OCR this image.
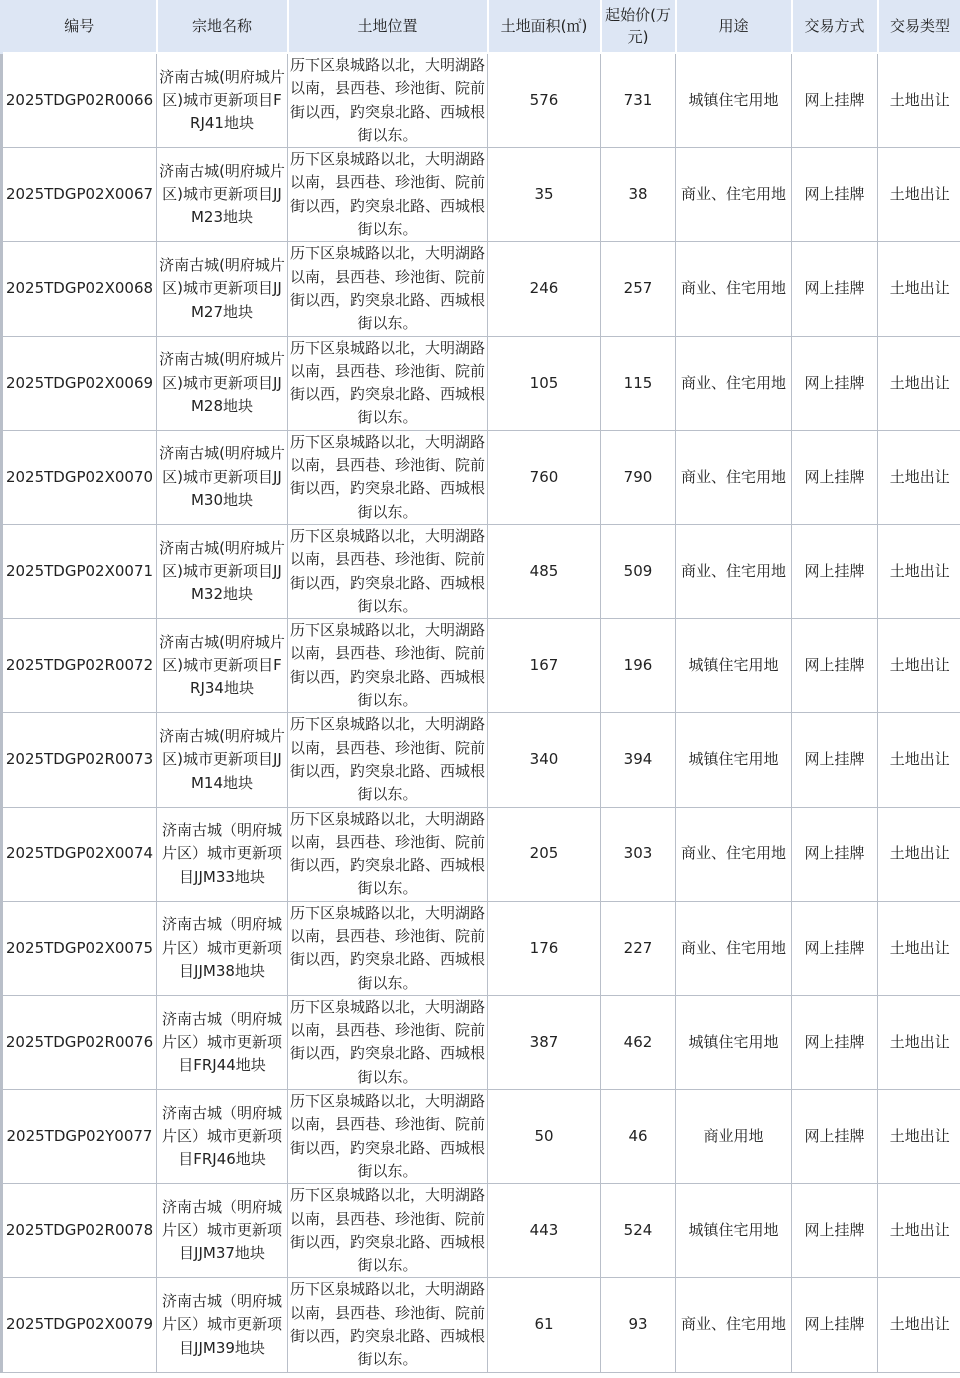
编号	宗地名称	土地位置	土地面积(㎡)	起始价(万元)	用途	交易方式	交易类型
2025TDGP02R0066	济南古城(明府城片区)城市更新项目FRJ41地块	历下区泉城路以北，大明湖路以南，县西巷、珍池街、院前街以西，趵突泉北路、西城根街以东。	576	731	城镇住宅用地	网上挂牌	土地出让
2025TDGP02X0067	济南古城(明府城片区)城市更新项目JJM23地块	历下区泉城路以北，大明湖路以南，县西巷、珍池街、院前街以西，趵突泉北路、西城根街以东。	35	38	商业、住宅用地	网上挂牌	土地出让
2025TDGP02X0068	济南古城(明府城片区)城市更新项目JJM27地块	历下区泉城路以北，大明湖路以南，县西巷、珍池街、院前街以西，趵突泉北路、西城根街以东。	246	257	商业、住宅用地	网上挂牌	土地出让
2025TDGP02X0069	济南古城(明府城片区)城市更新项目JJM28地块	历下区泉城路以北，大明湖路以南，县西巷、珍池街、院前街以西，趵突泉北路、西城根街以东。	105	115	商业、住宅用地	网上挂牌	土地出让
2025TDGP02X0070	济南古城(明府城片区)城市更新项目JJM30地块	历下区泉城路以北，大明湖路以南，县西巷、珍池街、院前街以西，趵突泉北路、西城根街以东。	760	790	商业、住宅用地	网上挂牌	土地出让
2025TDGP02X0071	济南古城(明府城片区)城市更新项目JJM32地块	历下区泉城路以北，大明湖路以南，县西巷、珍池街、院前街以西，趵突泉北路、西城根街以东。	485	509	商业、住宅用地	网上挂牌	土地出让
2025TDGP02R0072	济南古城(明府城片区)城市更新项目FRJ34地块	历下区泉城路以北，大明湖路以南，县西巷、珍池街、院前街以西，趵突泉北路、西城根街以东。	167	196	城镇住宅用地	网上挂牌	土地出让
2025TDGP02R0073	济南古城(明府城片区)城市更新项目JJM14地块	历下区泉城路以北，大明湖路以南，县西巷、珍池街、院前街以西，趵突泉北路、西城根街以东。	340	394	城镇住宅用地	网上挂牌	土地出让
2025TDGP02X0074	济南古城（明府城片区）城市更新项目JJM33地块	历下区泉城路以北，大明湖路以南，县西巷、珍池街、院前街以西，趵突泉北路、西城根街以东。	205	303	商业、住宅用地	网上挂牌	土地出让
2025TDGP02X0075	济南古城（明府城片区）城市更新项目JJM38地块	历下区泉城路以北，大明湖路以南，县西巷、珍池街、院前街以西，趵突泉北路、西城根街以东。	176	227	商业、住宅用地	网上挂牌	土地出让
2025TDGP02R0076	济南古城（明府城片区）城市更新项目FRJ44地块	历下区泉城路以北，大明湖路以南，县西巷、珍池街、院前街以西，趵突泉北路、西城根街以东。	387	462	城镇住宅用地	网上挂牌	土地出让
2025TDGP02Y0077	济南古城（明府城片区）城市更新项目FRJ46地块	历下区泉城路以北，大明湖路以南，县西巷、珍池街、院前街以西，趵突泉北路、西城根街以东。	50	46	商业用地	网上挂牌	土地出让
2025TDGP02R0078	济南古城（明府城片区）城市更新项目JJM37地块	历下区泉城路以北，大明湖路以南，县西巷、珍池街、院前街以西，趵突泉北路、西城根街以东。	443	524	城镇住宅用地	网上挂牌	土地出让
2025TDGP02X0079	济南古城（明府城片区）城市更新项目JJM39地块	历下区泉城路以北，大明湖路以南，县西巷、珍池街、院前街以西，趵突泉北路、西城根街以东。	61	93	商业、住宅用地	网上挂牌	土地出让
